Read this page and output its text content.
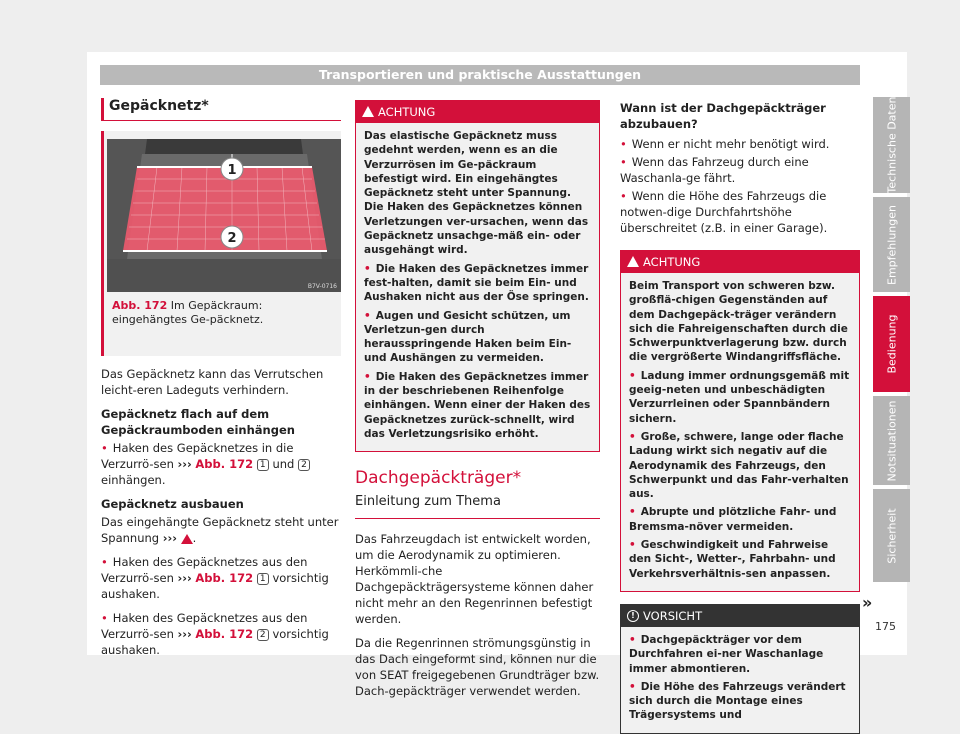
Transportieren und praktische Ausstattungen
Technische Daten
Empfehlungen
Bedienung
Notsituationen
Sicherheit
175
Gepäcknetz*
1
2
B7V-0716
Abb. 172 Im Gepäckraum: eingehängtes Ge-päcknetz.

Das Gepäcknetz kann das Verrutschen leicht-eren Ladeguts verhindern.

Gepäcknetz flach auf dem Gepäckraumboden einhängen

• Haken des Gepäcknetzes in die Verzurrö-sen ››› Abb. 172 1 und 2 einhängen.

Gepäcknetz ausbauen

Das eingehängte Gepäcknetz steht unter Spannung ››› .

• Haken des Gepäcknetzes aus den Verzurrö-sen ››› Abb. 172 1 vorsichtig aushaken.

• Haken des Gepäcknetzes aus den Verzurrö-sen ››› Abb. 172 2 vorsichtig aushaken.

ACHTUNG

Das elastische Gepäcknetz muss gedehnt werden, wenn es an die Verzurrösen im Ge-päckraum befestigt wird. Ein eingehängtes Gepäcknetz steht unter Spannung. Die Haken des Gepäcknetzes können Verletzungen ver-ursachen, wenn das Gepäcknetz unsachge-mäß ein- oder ausgehängt wird.

• Die Haken des Gepäcknetzes immer fest-halten, damit sie beim Ein- und Aushaken nicht aus der Öse springen.

• Augen und Gesicht schützen, um Verletzun-gen durch herausspringende Haken beim Ein- und Aushängen zu vermeiden.

• Die Haken des Gepäcknetzes immer in der beschriebenen Reihenfolge einhängen. Wenn einer der Haken des Gepäcknetzes zurück-schnellt, wird das Verletzungsrisiko erhöht.

Dachgepäckträger*
Einleitung zum Thema

Das Fahrzeugdach ist entwickelt worden, um die Aerodynamik zu optimieren. Herkömmli-che Dachgepäckträgersysteme können daher nicht mehr an den Regenrinnen befestigt werden.

Da die Regenrinnen strömungsgünstig in das Dach eingeformt sind, können nur die von SEAT freigegebenen Grundträger bzw. Dach-gepäckträger verwendet werden.

Wann ist der Dachgepäckträger abzubauen?

• Wenn er nicht mehr benötigt wird.

• Wenn das Fahrzeug durch eine Waschanla-ge fährt.

• Wenn die Höhe des Fahrzeugs die notwen-dige Durchfahrtshöhe überschreitet (z.B. in einer Garage).

ACHTUNG

Beim Transport von schweren bzw. großflä-chigen Gegenständen auf dem Dachgepäck-träger verändern sich die Fahreigenschaften durch die Schwerpunktverlagerung bzw. durch die vergrößerte Windangriffsfläche.

• Ladung immer ordnungsgemäß mit geeig-neten und unbeschädigten Verzurrleinen oder Spannbändern sichern.

• Große, schwere, lange oder flache Ladung wirkt sich negativ auf die Aerodynamik des Fahrzeugs, den Schwerpunkt und das Fahr-verhalten aus.

• Abrupte und plötzliche Fahr- und Bremsma-növer vermeiden.

• Geschwindigkeit und Fahrweise den Sicht-, Wetter-, Fahrbahn- und Verkehrsverhältnis-sen anpassen.

! VORSICHT

• Dachgepäckträger vor dem Durchfahren ei-ner Waschanlage immer abmontieren.

• Die Höhe des Fahrzeugs verändert sich durch die Montage eines Trägersystems und

»
